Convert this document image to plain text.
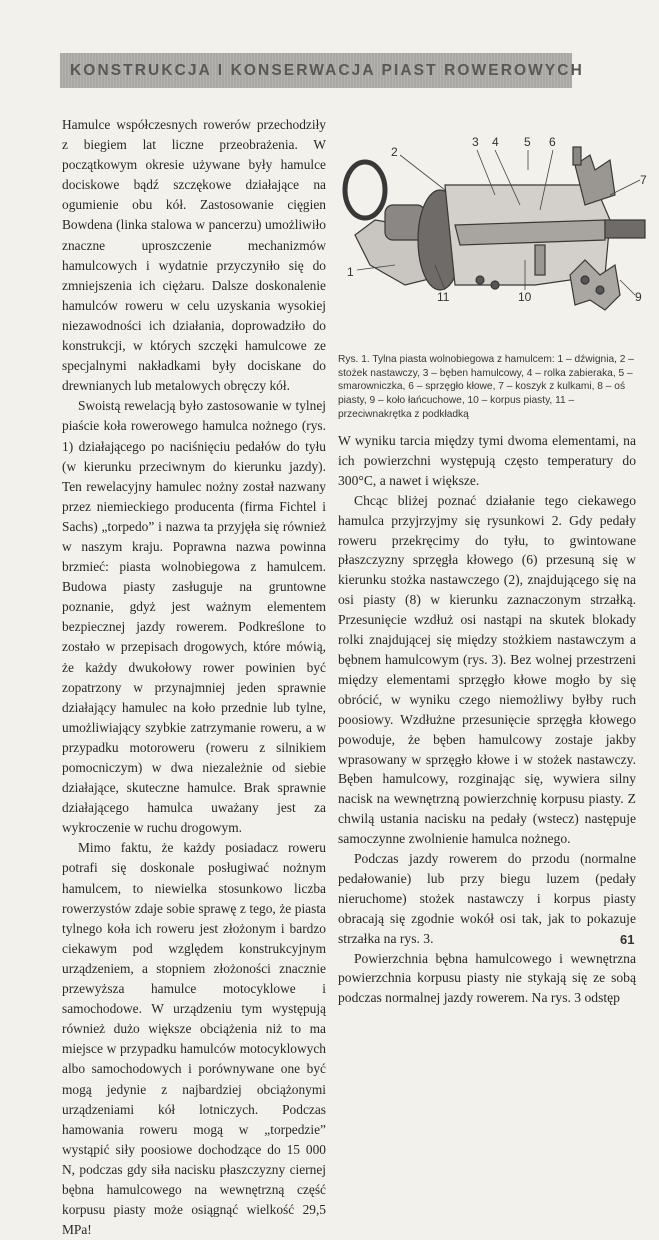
KONSTRUKCJA I KONSERWACJA PIAST ROWEROWYCH

Hamulce współczesnych rowerów przechodziły z biegiem lat liczne przeobrażenia. W początkowym okresie używane były hamulce dociskowe bądź szczękowe działające na ogumienie obu kół. Zastosowanie cięgien Bowdena (linka stalowa w pancerzu) umożliwiło znaczne uproszczenie mechanizmów hamulcowych i wydatnie przyczyniło się do zmniejszenia ich ciężaru. Dalsze doskonalenie hamulców roweru w celu uzyskania wysokiej niezawodności ich działania, doprowadziło do konstrukcji, w których szczęki hamulcowe ze specjalnymi nakładkami były dociskane do drewnianych lub metalowych obręczy kół.

Swoistą rewelacją było zastosowanie w tylnej piaście koła rowerowego hamulca nożnego (rys. 1) działającego po naciśnięciu pedałów do tyłu (w kierunku przeciwnym do kierunku jazdy). Ten rewelacyjny hamulec nożny został nazwany przez niemieckiego producenta (firma Fichtel i Sachs) „torpedo” i nazwa ta przyjęła się również w naszym kraju. Poprawna nazwa powinna brzmieć: piasta wolnobiegowa z hamulcem. Budowa piasty zasługuje na gruntowne poznanie, gdyż jest ważnym elementem bezpiecznej jazdy rowerem. Podkreślone to zostało w przepisach drogowych, które mówią, że każdy dwukołowy rower powinien być zopatrzony w przynajmniej jeden sprawnie działający hamulec na koło przednie lub tylne, umożliwiający szybkie zatrzymanie roweru, a w przypadku motoroweru (roweru z silnikiem pomocniczym) w dwa niezależnie od siebie działające, skuteczne hamulce. Brak sprawnie działającego hamulca uważany jest za wykroczenie w ruchu drogowym.

Mimo faktu, że każdy posiadacz roweru potrafi się doskonale posługiwać nożnym hamulcem, to niewielka stosunkowo liczba rowerzystów zdaje sobie sprawę z tego, że piasta tylnego koła ich roweru jest złożonym i bardzo ciekawym pod względem konstrukcyjnym urządzeniem, a stopniem złożoności znacznie przewyższa hamulce motocyklowe i samochodowe. W urządzeniu tym występują również dużo większe obciążenia niż to ma miejsce w przypadku hamulców motocyklowych albo samochodowych i porównywane one być mogą jedynie z najbardziej obciążonymi urządzeniami kół lotniczych. Podczas hamowania roweru mogą w „torpedzie” wystąpić siły poosiowe dochodzące do 15 000 N, podczas gdy siła nacisku płaszczyzny ciernej bębna hamulcowego na wewnętrzną część korpusu piasty może osiągnąć wielkość 29,5 MPa!

1
2
3 4 5 6
7
9
10
11
Rys. 1. Tylna piasta wolnobiegowa z hamulcem: 1 – dźwignia, 2 – stożek nastawczy, 3 – bęben hamulcowy, 4 – rolka zabieraka, 5 – smarowniczka, 6 – sprzęgło kłowe, 7 – koszyk z kulkami, 8 – oś piasty, 9 – koło łańcuchowe, 10 – korpus piasty, 11 – przeciwnakrętka z podkładką

W wyniku tarcia między tymi dwoma elementami, na ich powierzchni występują często temperatury do 300°C, a nawet i większe.

Chcąc bliżej poznać działanie tego ciekawego hamulca przyjrzyjmy się rysunkowi 2. Gdy pedały roweru przekręcimy do tyłu, to gwintowane płaszczyzny sprzęgła kłowego (6) przesuną się w kierunku stożka nastawczego (2), znajdującego się na osi piasty (8) w kierunku zaznaczonym strzałką. Przesunięcie wzdłuż osi nastąpi na skutek blokady rolki znajdującej się między stożkiem nastawczym a bębnem hamulcowym (rys. 3). Bez wolnej przestrzeni między elementami sprzęgło kłowe mogło by się obrócić, w wyniku czego niemożliwy byłby ruch poosiowy. Wzdłużne przesunięcie sprzęgła kłowego powoduje, że bęben hamulcowy zostaje jakby wprasowany w sprzęgło kłowe i w stożek nastawczy. Bęben hamulcowy, rozginając się, wywiera silny nacisk na wewnętrzną powierzchnię korpusu piasty. Z chwilą ustania nacisku na pedały (wstecz) następuje samoczynne zwolnienie hamulca nożnego.

Podczas jazdy rowerem do przodu (normalne pedałowanie) lub przy biegu luzem (pedały nieruchome) stożek nastawczy i korpus piasty obracają się zgodnie wokół osi tak, jak to pokazuje strzałka na rys. 3.

Powierzchnia bębna hamulcowego i wewnętrzna powierzchnia korpusu piasty nie stykają się ze sobą podczas normalnej jazdy rowerem. Na rys. 3 odstęp

61
